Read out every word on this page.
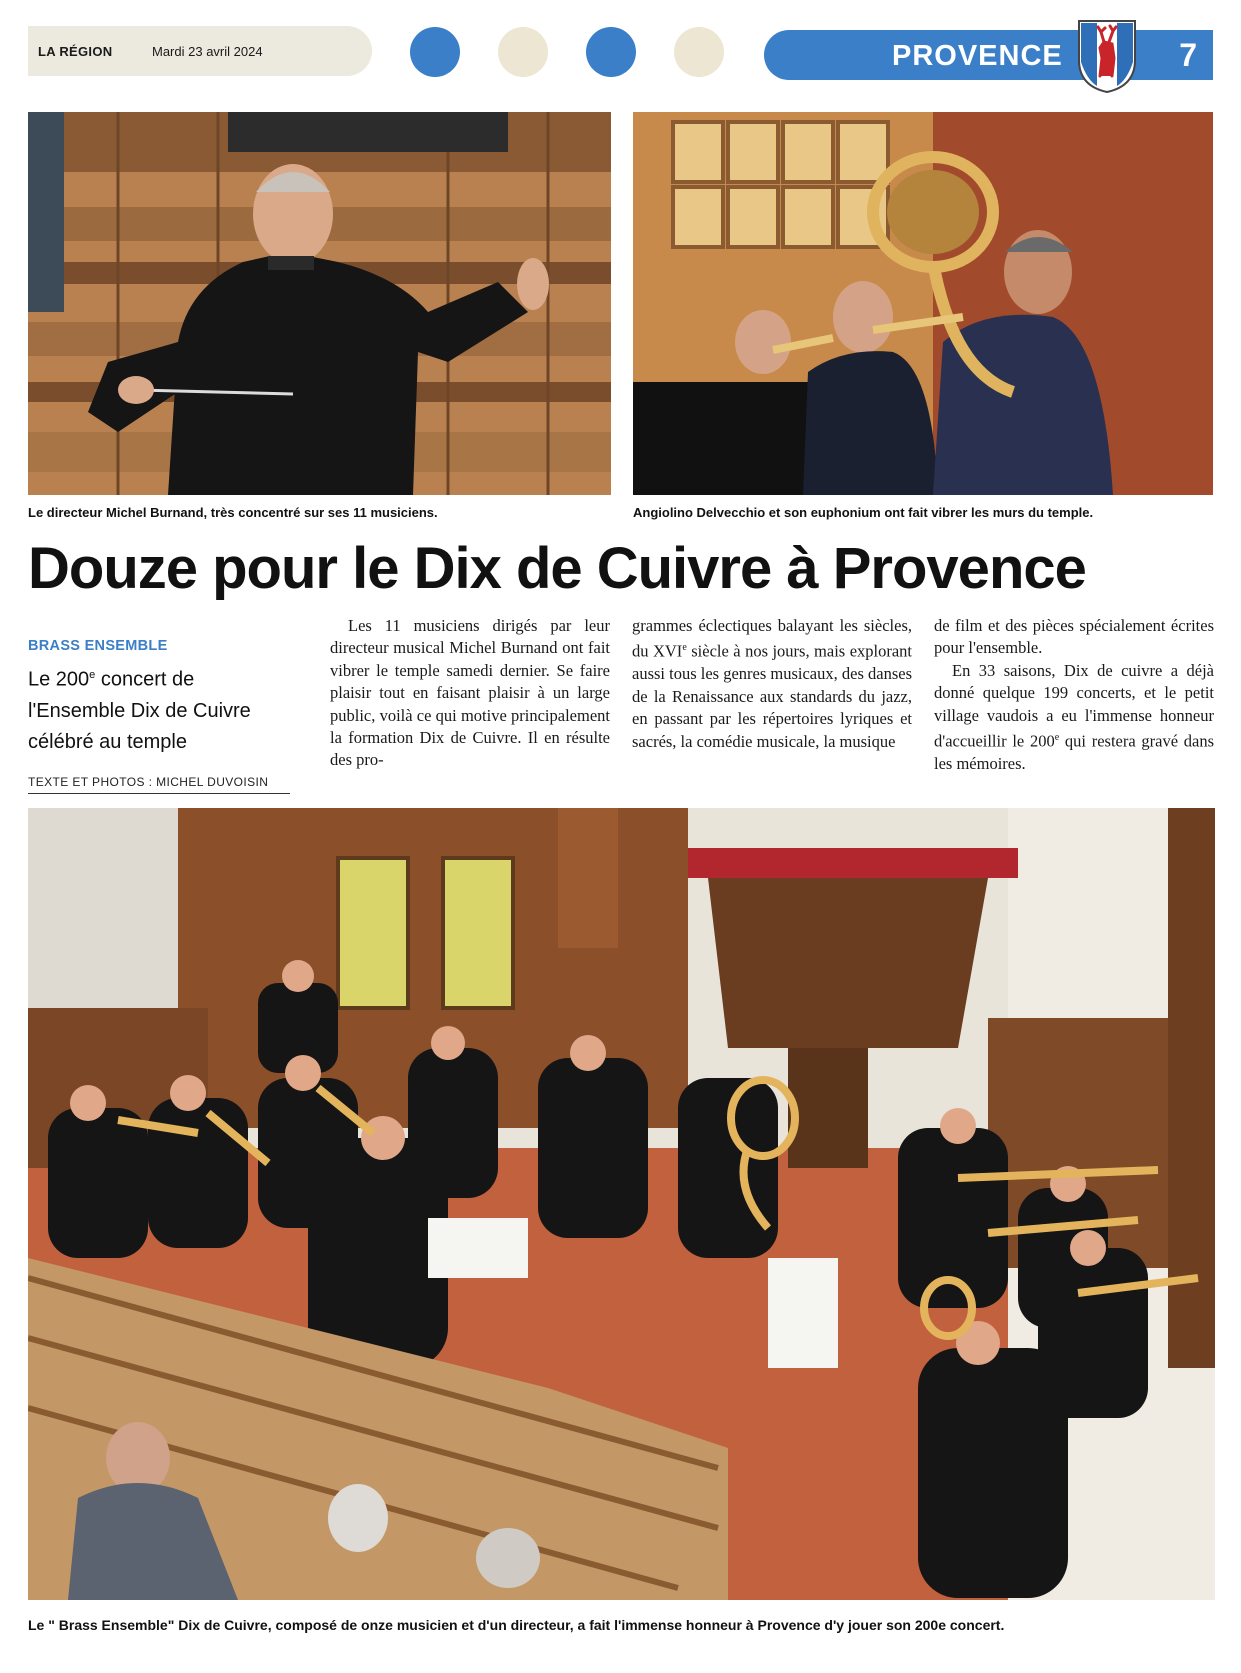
LA RÉGION	Mardi 23 avril 2024	PROVENCE	7
Le directeur Michel Burnand, très concentré sur ses 11 musiciens.	Angiolino Delvecchio et son euphonium ont fait vibrer les murs du temple.
Douze pour le Dix de Cuivre à Provence
BRASS ENSEMBLE
Le 200e concert de l'Ensemble Dix de Cuivre célébré au temple
TEXTE ET PHOTOS : MICHEL DUVOISIN

Les 11 musiciens dirigés par leur directeur musical Michel Burnand ont fait vibrer le temple samedi dernier. Se faire plaisir tout en faisant plaisir à un large public, voilà ce qui motive principalement la formation Dix de Cuivre. Il en résulte des pro-

grammes éclectiques balayant les siècles, du XVIe siècle à nos jours, mais explorant aussi tous les genres musicaux, des danses de la Renaissance aux standards du jazz, en passant par les répertoires lyriques et sacrés, la comédie musicale, la musique
de film et des pièces spécialement écrites pour l'ensemble.

En 33 saisons, Dix de cuivre a déjà donné quelque 199 concerts, et le petit village vaudois a eu l'immense honneur d'accueillir le 200e qui restera gravé dans les mémoires.

Le " Brass Ensemble" Dix de Cuivre, composé de onze musicien et d'un directeur, a fait l'immense honneur à Provence d'y jouer son 200e concert.
